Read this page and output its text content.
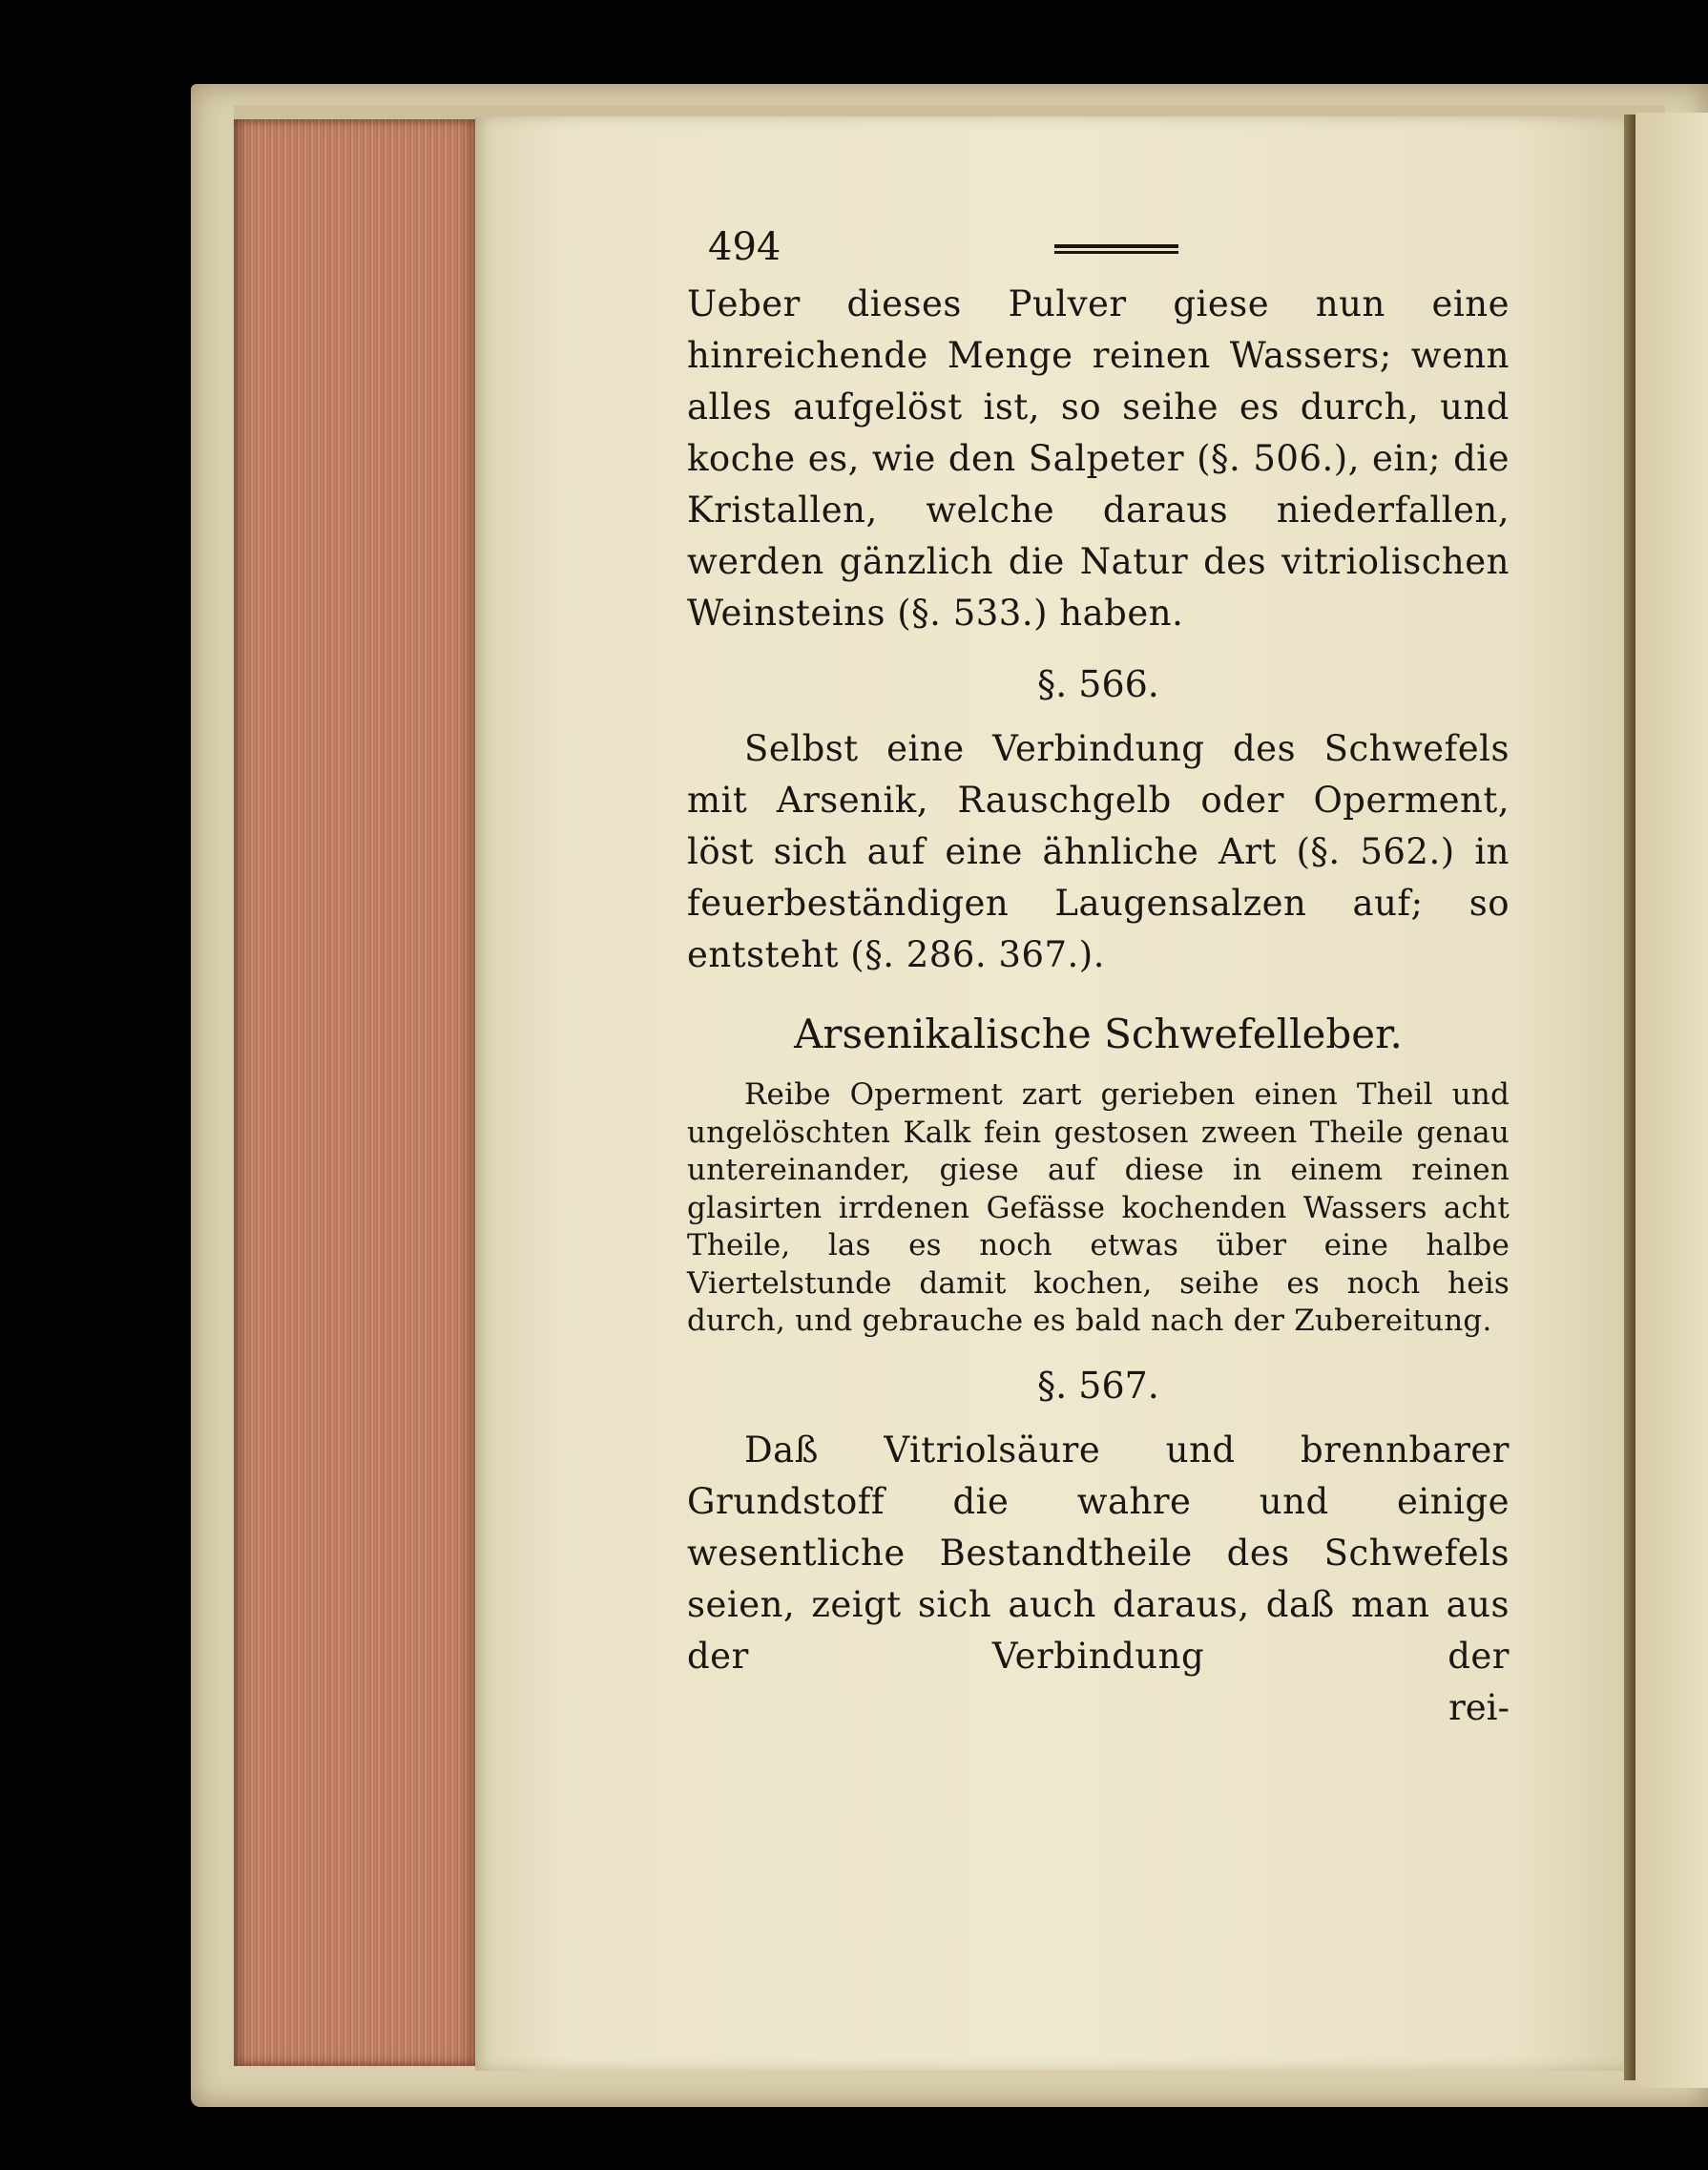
494

Ueber dieses Pulver giese nun eine hinreichende Menge reinen Wassers; wenn alles aufgelöst ist, so seihe es durch, und koche es, wie den Salpeter (§. 506.), ein; die Kristallen, welche daraus niederfallen, werden gänzlich die Natur des vitriolischen Weinsteins (§. 533.) haben.

§. 566.

Selbst eine Verbindung des Schwefels mit Arsenik, Rauschgelb oder Operment, löst sich auf eine ähnliche Art (§. 562.) in feuerbeständigen Laugensalzen auf; so entsteht (§. 286. 367.).

Arsenikalische Schwefelleber.

Reibe Operment zart gerieben einen Theil und ungelöschten Kalk fein gestosen zween Theile genau untereinander, giese auf diese in einem reinen glasirten irrdenen Gefässe kochenden Wassers acht Theile, las es noch etwas über eine halbe Viertelstunde damit kochen, seihe es noch heis durch, und gebrauche es bald nach der Zubereitung.

§. 567.

Daß Vitriolsäure und brennbarer Grundstoff die wahre und einige wesentliche Bestandtheile des Schwefels seien, zeigt sich auch daraus, daß man aus der Verbindung der

rei-
